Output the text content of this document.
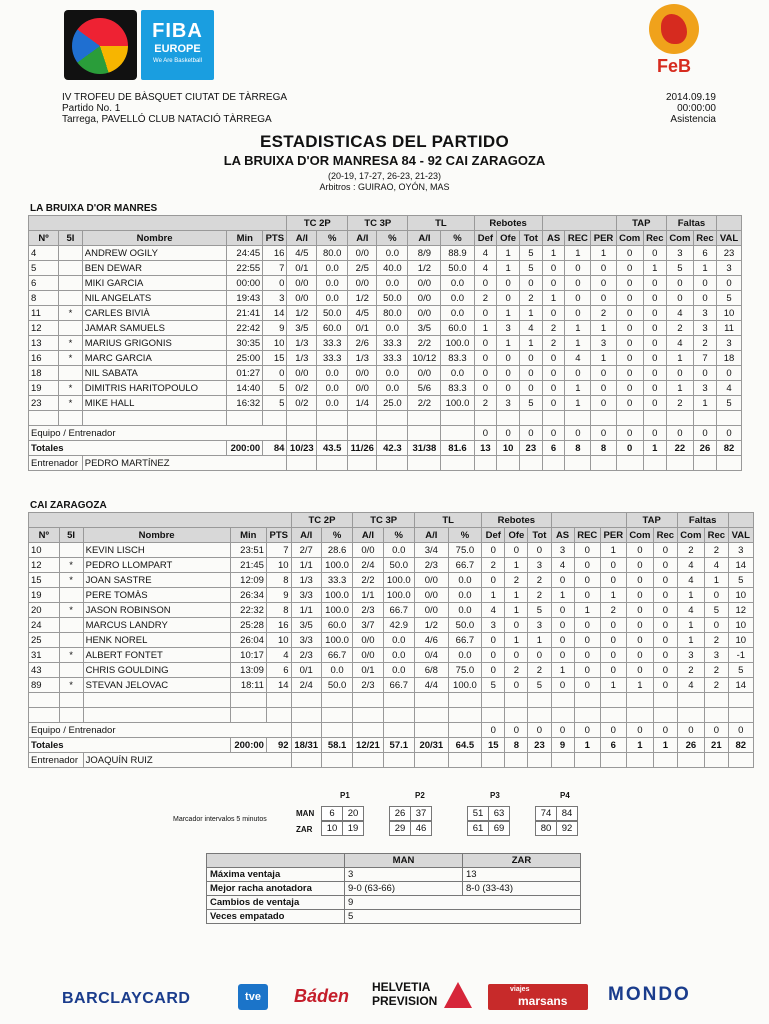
FIBA
EUROPE
We Are Basketball	FeB
IV TROFEU DE BÀSQUET CIUTAT DE TÀRREGA
Partido No. 1
Tarrega, PAVELLÓ CLUB NATACIÓ TÀRREGA
2014.09.19
00:00:00
Asistencia
ESTADISTICAS DEL PARTIDO
LA BRUIXA D'OR MANRESA 84 - 92 CAI ZARAGOZA
(20-19, 17-27, 26-23, 21-23)
Arbitros : GUIRAO, OYÓN, MAS
LA BRUIXA D'OR MANRES
					TC 2P		TC 3P		TL		Rebotes						TAP		Faltas		
Nº	5I	Nombre	Min	PTS	A/I	%	A/I	%	A/I	%	Def	Ofe	Tot	AS	REC	PER	Com	Rec	Com	Rec	VAL
4		ANDREW OGILY	24:45	16	4/5	80.0	0/0	0.0	8/9	88.9	4	1	5	1	1	1	0	0	3	6	23
5		BEN DEWAR	22:55	7	0/1	0.0	2/5	40.0	1/2	50.0	4	1	5	0	0	0	0	1	5	1	3
6		MIKI GARCIA	00:00	0	0/0	0.0	0/0	0.0	0/0	0.0	0	0	0	0	0	0	0	0	0	0	0
8		NIL ANGELATS	19:43	3	0/0	0.0	1/2	50.0	0/0	0.0	2	0	2	1	0	0	0	0	0	0	5
11	*	CARLES BIVIÀ	21:41	14	1/2	50.0	4/5	80.0	0/0	0.0	0	1	1	0	0	2	0	0	4	3	10
12		JAMAR SAMUELS	22:42	9	3/5	60.0	0/1	0.0	3/5	60.0	1	3	4	2	1	1	0	0	2	3	11
13	*	MARIUS GRIGONIS	30:35	10	1/3	33.3	2/6	33.3	2/2	100.0	0	1	1	2	1	3	0	0	4	2	3
16	*	MARC GARCIA	25:00	15	1/3	33.3	1/3	33.3	10/12	83.3	0	0	0	0	4	1	0	0	1	7	18
18		NIL SABATA	01:27	0	0/0	0.0	0/0	0.0	0/0	0.0	0	0	0	0	0	0	0	0	0	0	0
19	*	DIMITRIS HARITOPOULO	14:40	5	0/2	0.0	0/0	0.0	5/6	83.3	0	0	0	0	1	0	0	0	1	3	4
23	*	MIKE HALL	16:32	5	0/2	0.0	1/4	25.0	2/2	100.0	2	3	5	0	1	0	0	0	2	1	5

Equipo / Entrenador											0	0	0	0	0	0	0	0	0	0	0
Totales			200:00	84	10/23	43.5	11/26	42.3	31/38	81.6	13	10	23	6	8	8	0	1	22	26	82
Entrenador		PEDRO MARTÍNEZ																			
CAI ZARAGOZA
					TC 2P		TC 3P		TL		Rebotes						TAP		Faltas		
Nº	5I	Nombre	Min	PTS	A/I	%	A/I	%	A/I	%	Def	Ofe	Tot	AS	REC	PER	Com	Rec	Com	Rec	VAL
10		KEVIN LISCH	23:51	7	2/7	28.6	0/0	0.0	3/4	75.0	0	0	0	3	0	1	0	0	2	2	3
12	*	PEDRO LLOMPART	21:45	10	1/1	100.0	2/4	50.0	2/3	66.7	2	1	3	4	0	0	0	0	4	4	14
15	*	JOAN SASTRE	12:09	8	1/3	33.3	2/2	100.0	0/0	0.0	0	2	2	0	0	0	0	0	4	1	5
19		PERE TOMÀS	26:34	9	3/3	100.0	1/1	100.0	0/0	0.0	1	1	2	1	0	1	0	0	1	0	10
20	*	JASON ROBINSON	22:32	8	1/1	100.0	2/3	66.7	0/0	0.0	4	1	5	0	1	2	0	0	4	5	12
24		MARCUS LANDRY	25:28	16	3/5	60.0	3/7	42.9	1/2	50.0	3	0	3	0	0	0	0	0	1	0	10
25		HENK NOREL	26:04	10	3/3	100.0	0/0	0.0	4/6	66.7	0	1	1	0	0	0	0	0	1	2	10
31	*	ALBERT FONTET	10:17	4	2/3	66.7	0/0	0.0	0/4	0.0	0	0	0	0	0	0	0	0	3	3	-1
43		CHRIS GOULDING	13:09	6	0/1	0.0	0/1	0.0	6/8	75.0	0	2	2	1	0	0	0	0	2	2	5
89	*	STEVAN JELOVAC	18:11	14	2/4	50.0	2/3	66.7	4/4	100.0	5	0	5	0	0	1	1	0	4	2	14

Equipo / Entrenador											0	0	0	0	0	0	0	0	0	0	0
Totales			200:00	92	18/31	58.1	12/21	57.1	20/31	64.5	15	8	23	9	1	6	1	1	26	21	82
Entrenador		JOAQUÍN RUIZ																			
Marcador intervalos 5 minutos
MAN
ZAR
P1
6 20
10 19
P2
26 37
29 46
P3
51 63
61 69
P4
74 84
80 92
	MAN	ZAR
Máxima ventaja	3	13
Mejor racha anotadora	9-0 (63-66)	8-0 (33-43)
Cambios de ventaja	9	
Veces empatado	5	
BARCLAYCARD	tve	Báden HELVETIA
PREVISION
viajes
marsans MONDO
